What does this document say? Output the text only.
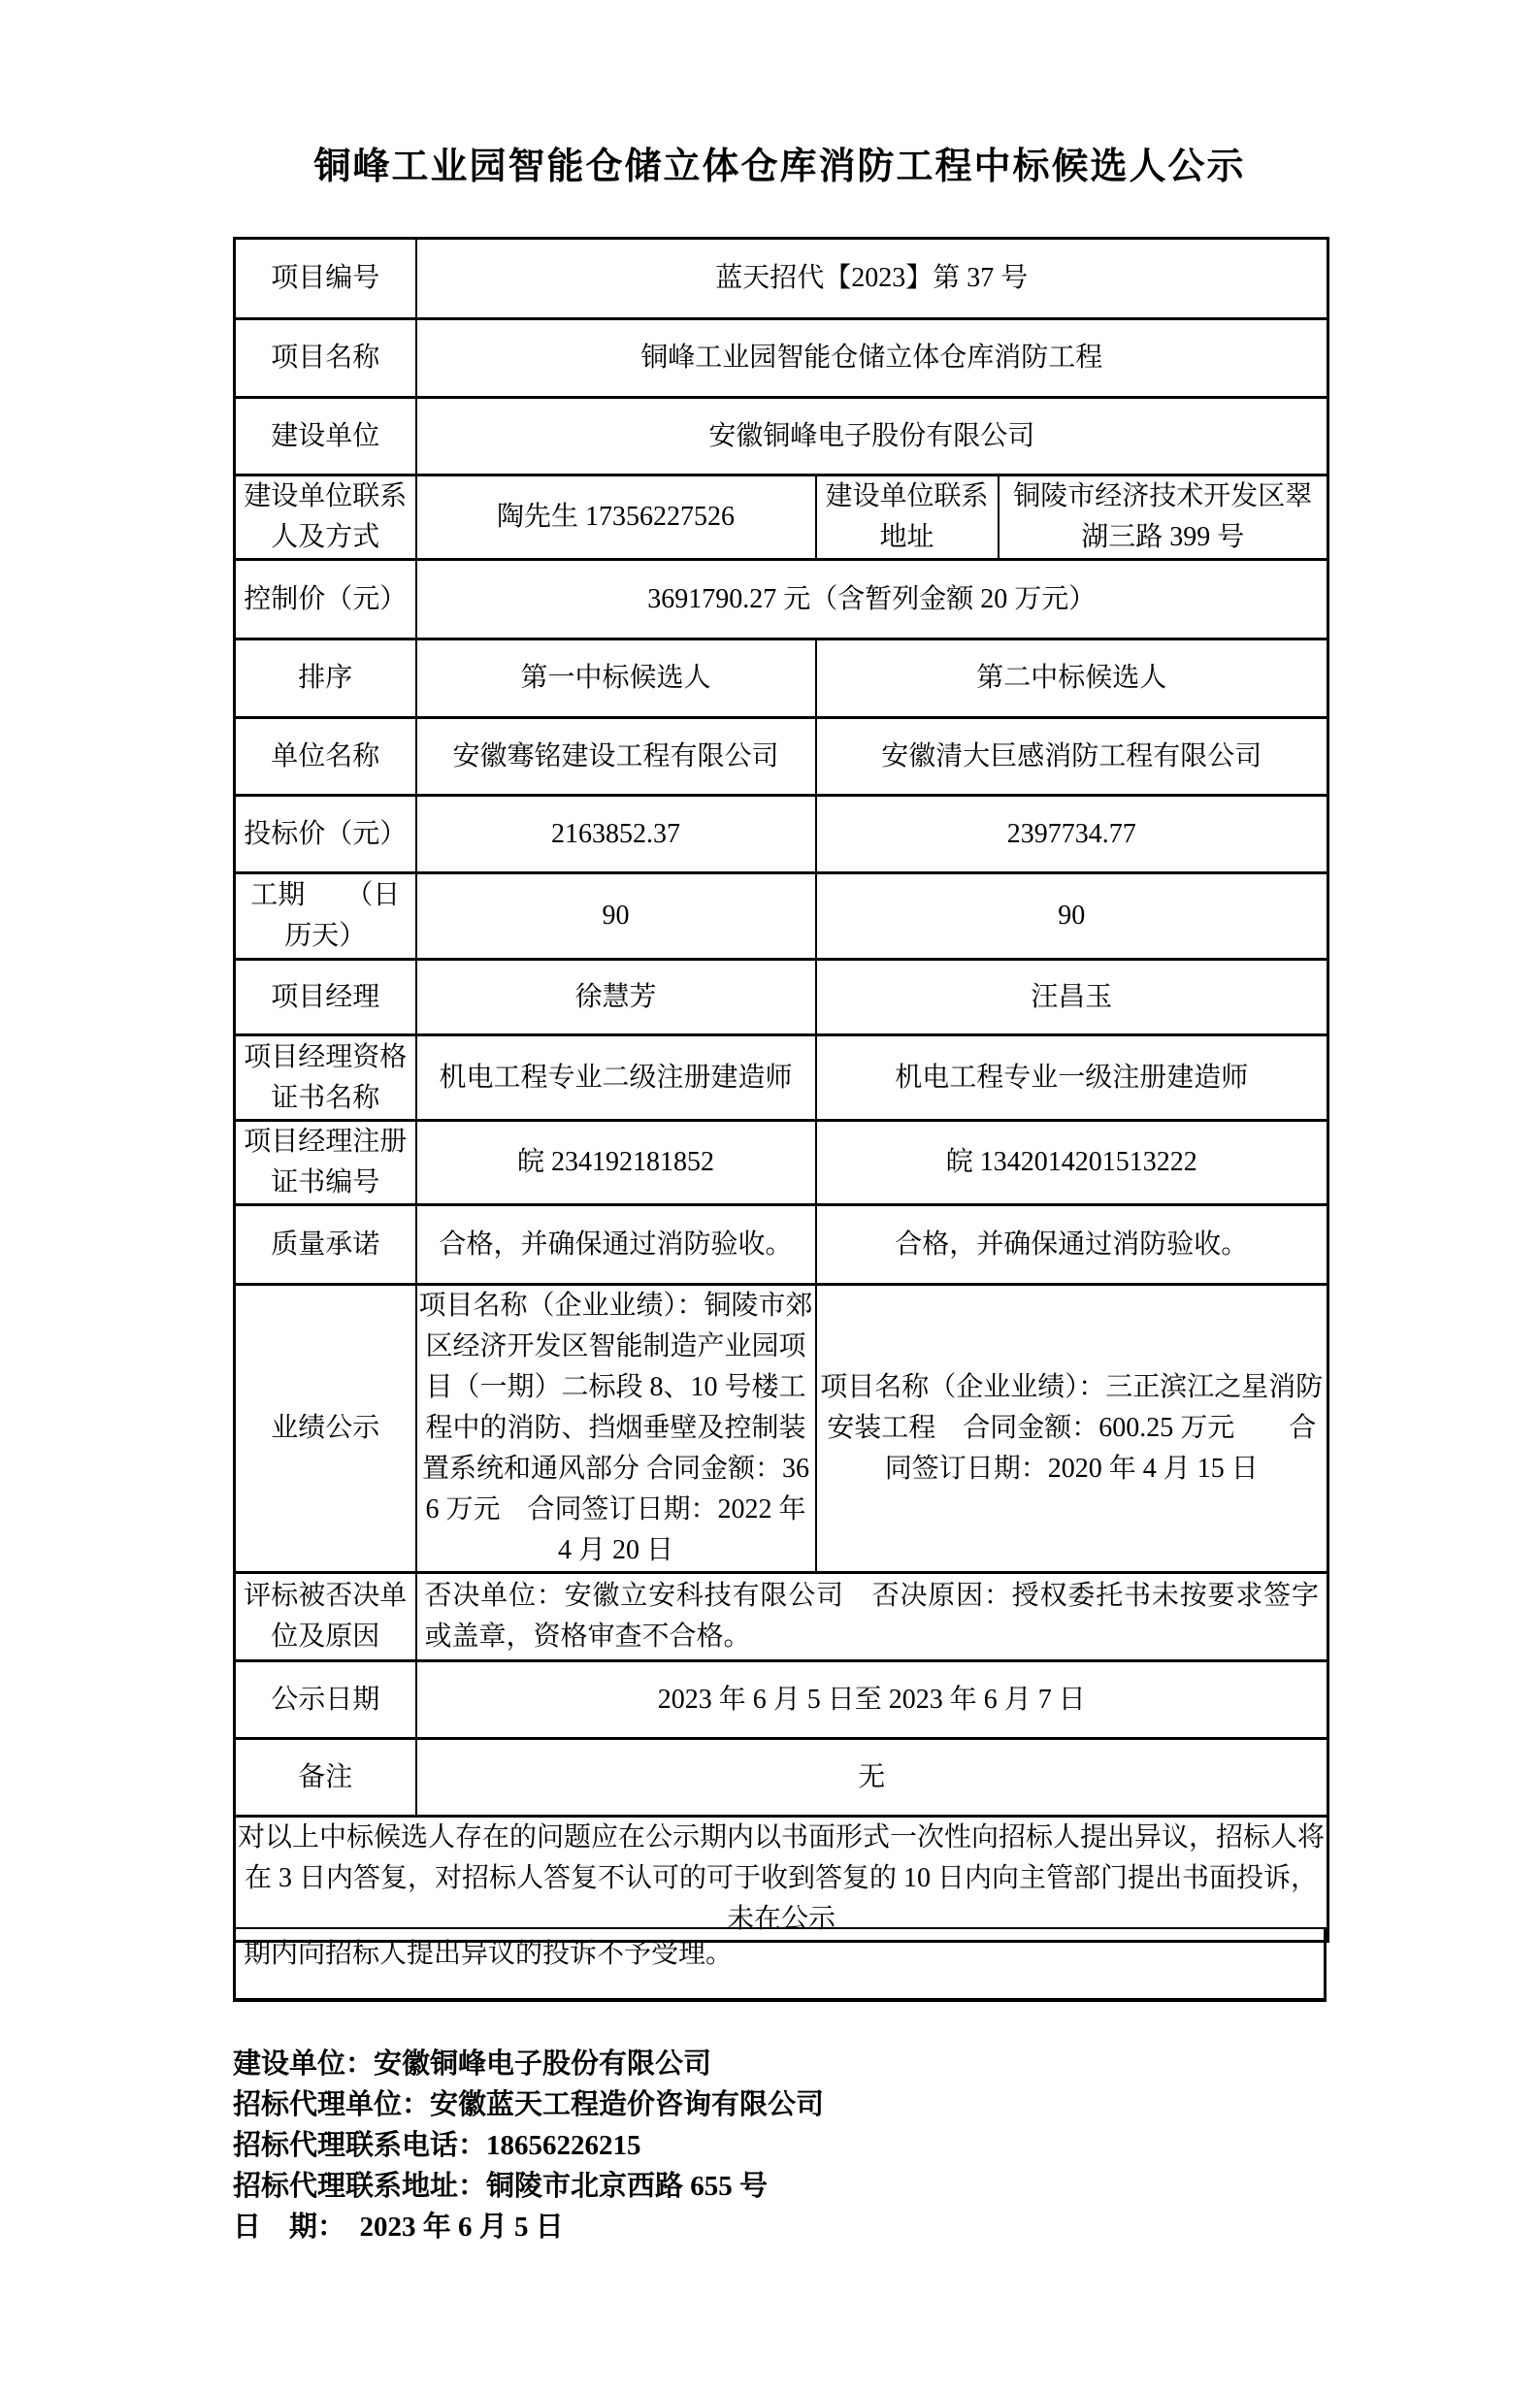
铜峰工业园智能仓储立体仓库消防工程中标候选人公示
项目编号	蓝天招代【2023】第 37 号		
项目名称	铜峰工业园智能仓储立体仓库消防工程		
建设单位	安徽铜峰电子股份有限公司		
建设单位联系人及方式	陶先生 17356227526	建设单位联系地址	铜陵市经济技术开发区翠湖三路 399 号
控制价（元）	3691790.27 元（含暂列金额 20 万元）		
排序	第一中标候选人	第二中标候选人	
单位名称	安徽骞铭建设工程有限公司	安徽清大巨感消防工程有限公司	
投标价（元）	2163852.37	2397734.77	
工期　　（日历天）	90	90	
项目经理	徐慧芳	汪昌玉	
项目经理资格证书名称	机电工程专业二级注册建造师	机电工程专业一级注册建造师	
项目经理注册证书编号	皖 234192181852	皖 1342014201513222	
质量承诺	合格，并确保通过消防验收。	合格，并确保通过消防验收。	
业绩公示	项目名称（企业业绩）：铜陵市郊区经济开发区智能制造产业园项目（一期）二标段 8、10 号楼工程中的消防、挡烟垂壁及控制装置系统和通风部分 合同金额：366 万元　合同签订日期：2022 年 4 月 20 日	项目名称（企业业绩）：三正滨江之星消防安装工程　合同金额：600.25 万元　　合同签订日期：2020 年 4 月 15 日	
评标被否决单位及原因	否决单位：安徽立安科技有限公司　否决原因：授权委托书未按要求签字或盖章，资格审查不合格。		
公示日期	2023 年 6 月 5 日至 2023 年 6 月 7 日		
备注	无		
对以上中标候选人存在的问题应在公示期内以书面形式一次性向招标人提出异议，招标人将在 3 日内答复，对招标人答复不认可的可于收到答复的 10 日内向主管部门提出书面投诉，未在公示			
期内向招标人提出异议的投诉不予受理。
建设单位：安徽铜峰电子股份有限公司
招标代理单位：安徽蓝天工程造价咨询有限公司
招标代理联系电话：18656226215
招标代理联系地址：铜陵市北京西路 655 号
日　期：　2023 年 6 月 5 日
